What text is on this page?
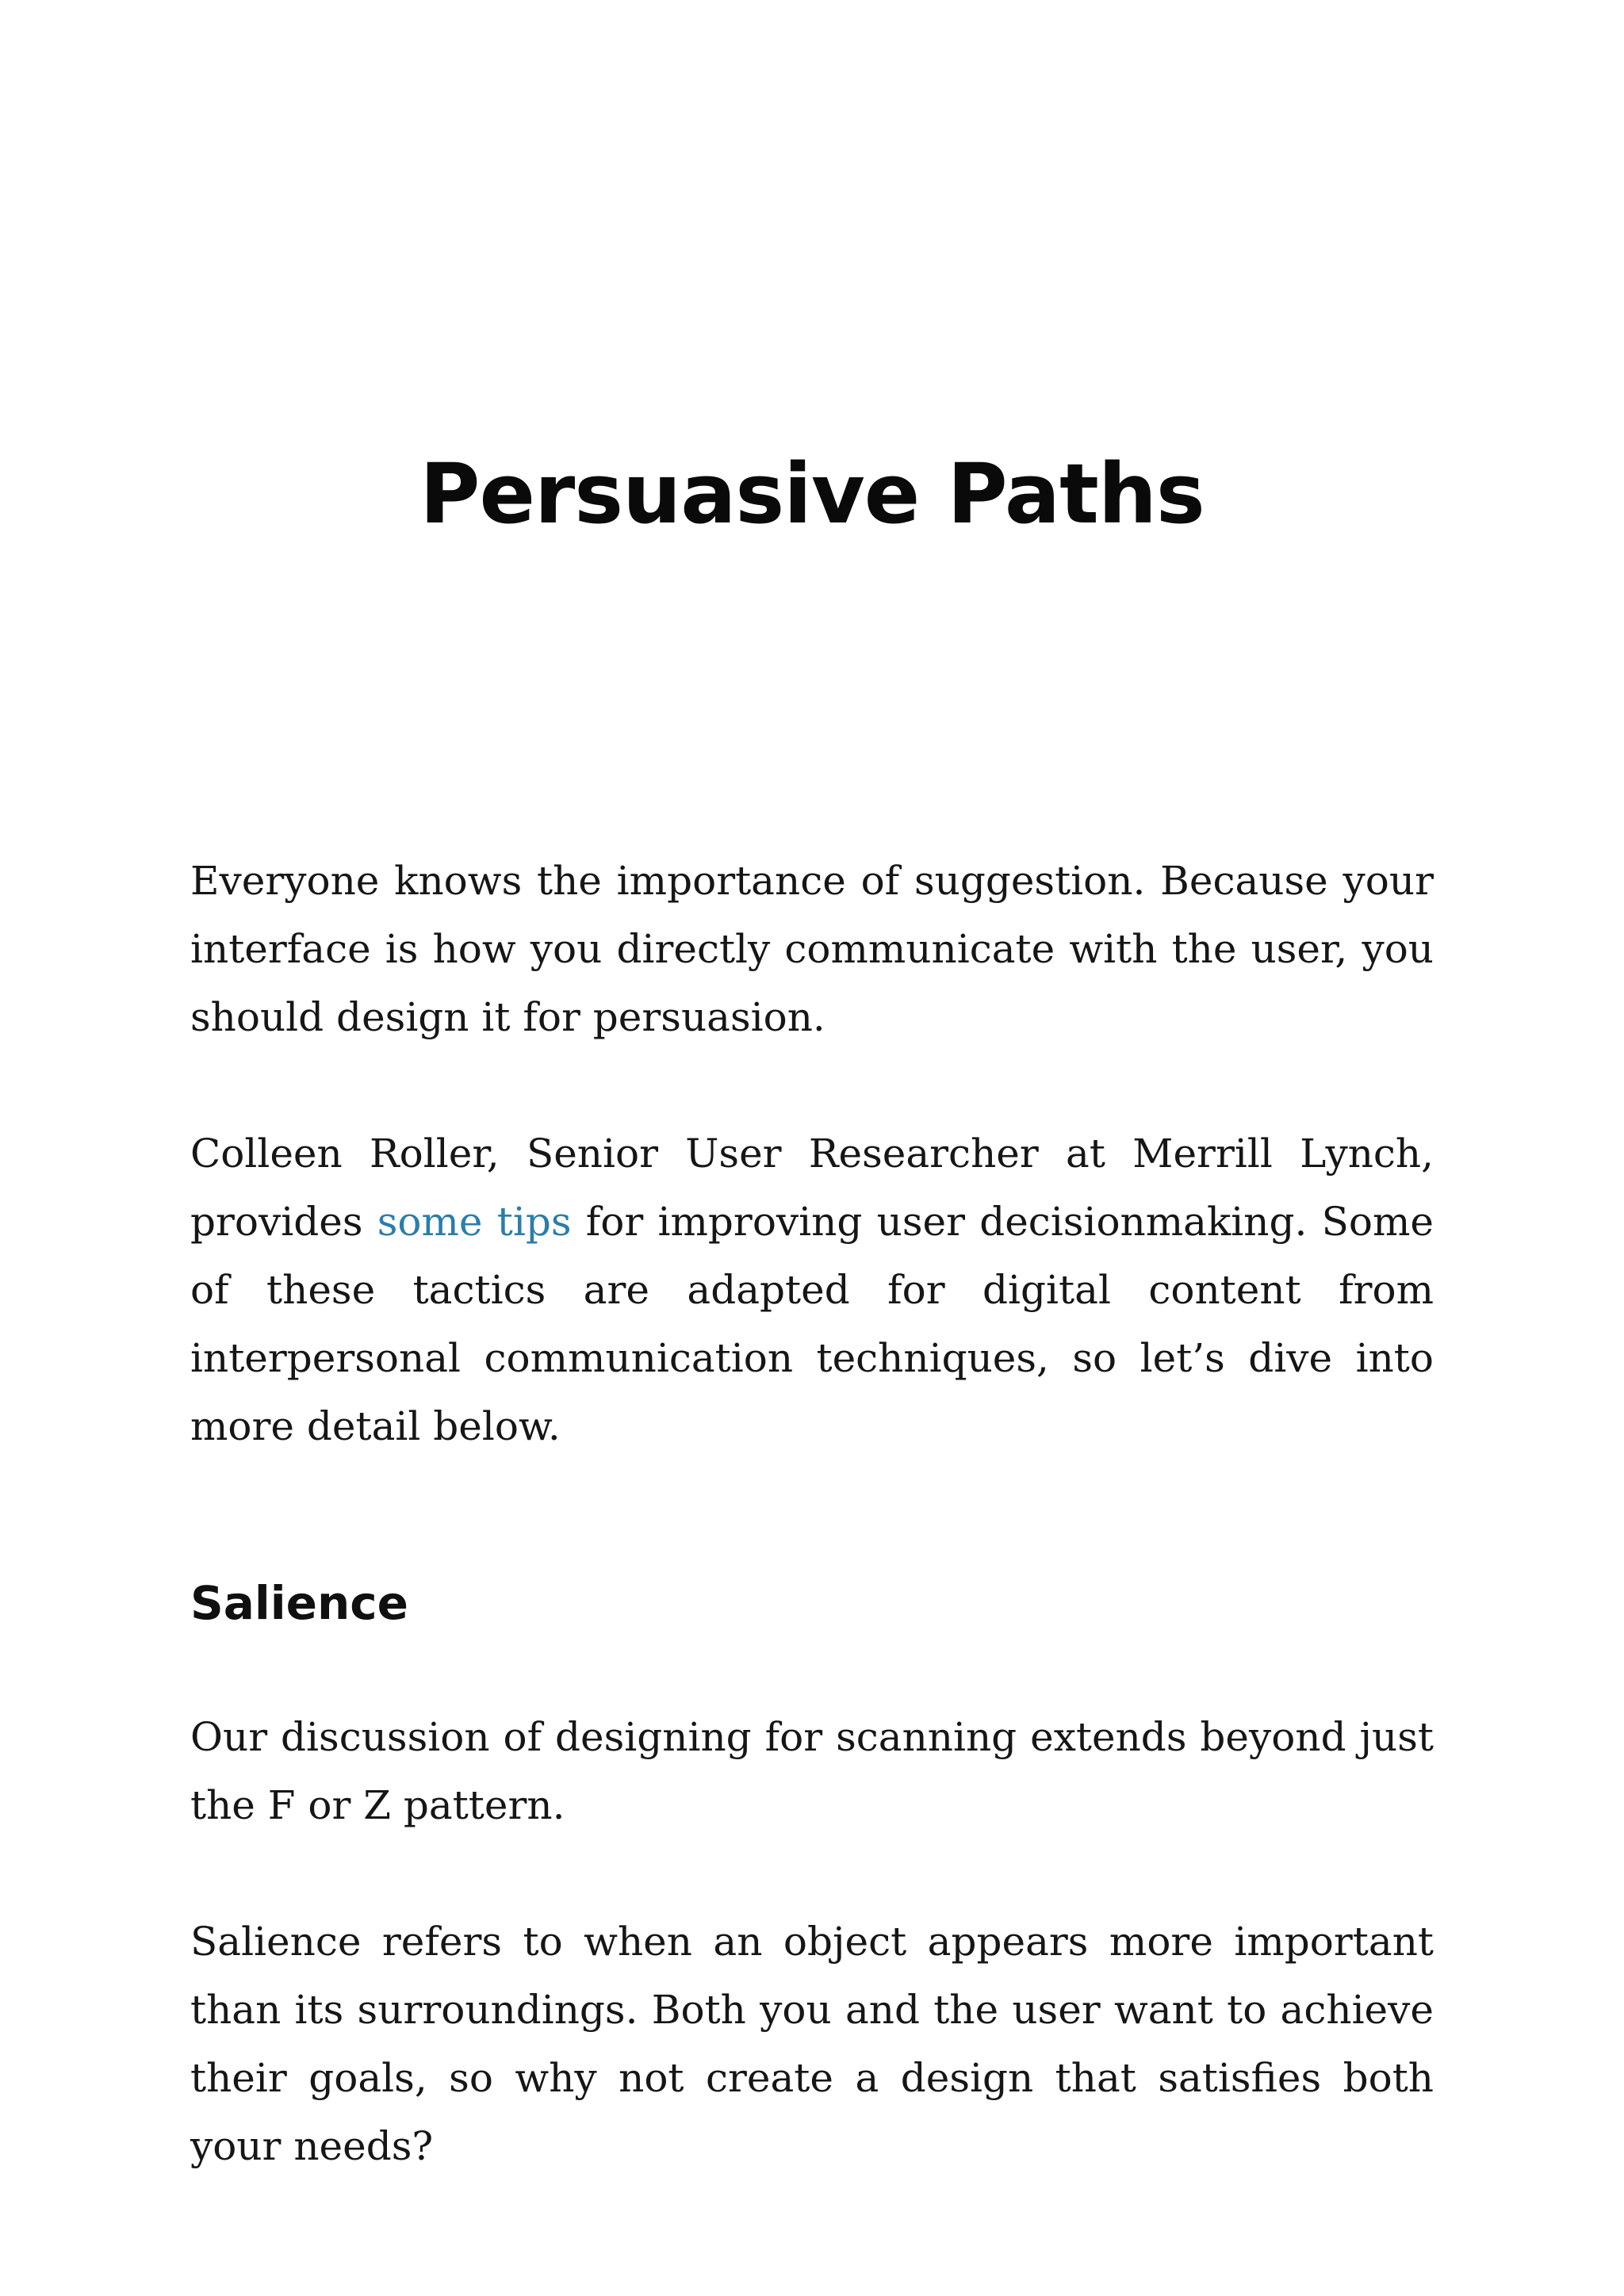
Persuasive Paths

Everyone knows the importance of suggestion. Because your interface is how you directly communicate with the user, you should design it for persuasion.

Colleen Roller, Senior User Researcher at Merrill Lynch, provides some tips for improving user decisionmaking. Some of these tactics are adapted for digital content from interpersonal communication techniques, so let’s dive into more detail below.

Salience

Our discussion of designing for scanning extends beyond just the F or Z pattern.

Salience refers to when an object appears more important than its surroundings. Both you and the user want to achieve their goals, so why not create a design that satisfies both your needs?
